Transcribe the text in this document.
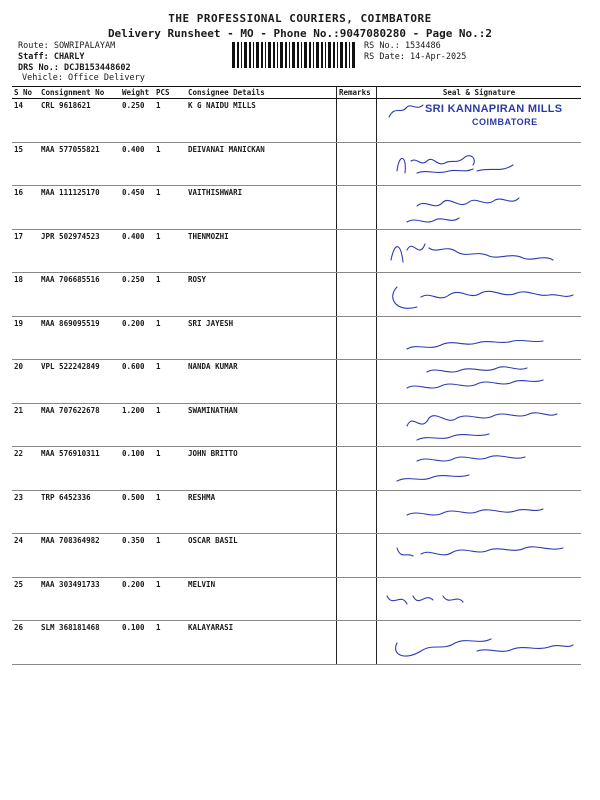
THE PROFESSIONAL COURIERS, COIMBATORE
Delivery Runsheet - MO - Phone No.:9047080280 - Page No.:2
Route: SOWRIPALAYAM
Staff: CHARLY
DRS No.: DCJB153448602
Vehicle: Office Delivery
RS No.: 1534486
RS Date: 14-Apr-2025
S No	Consignment No	Weight	PCS	Consignee Details	Remarks	Seal & Signature
14	CRL 9618621	0.250	1	K G NAIDU MILLS		SRI KANNAPIRAN MILLS
COIMBATORE

15	MAA 577055821	0.400	1	DEIVANAI MANICKAN		

16	MAA 111125170	0.450	1	VAITHISHWARI		

17	JPR 502974523	0.400	1	THENMOZHI		

18	MAA 706685516	0.250	1	ROSY		

19	MAA 869095519	0.200	1	SRI JAYESH		

20	VPL 522242849	0.600	1	NANDA KUMAR		

21	MAA 707622678	1.200	1	SWAMINATHAN		

22	MAA 576910311	0.100	1	JOHN BRITTO		

23	TRP 6452336	0.500	1	RESHMA		

24	MAA 708364982	0.350	1	OSCAR BASIL		

25	MAA 303491733	0.200	1	MELVIN		

26	SLM 368181468	0.100	1	KALAYARASI		
